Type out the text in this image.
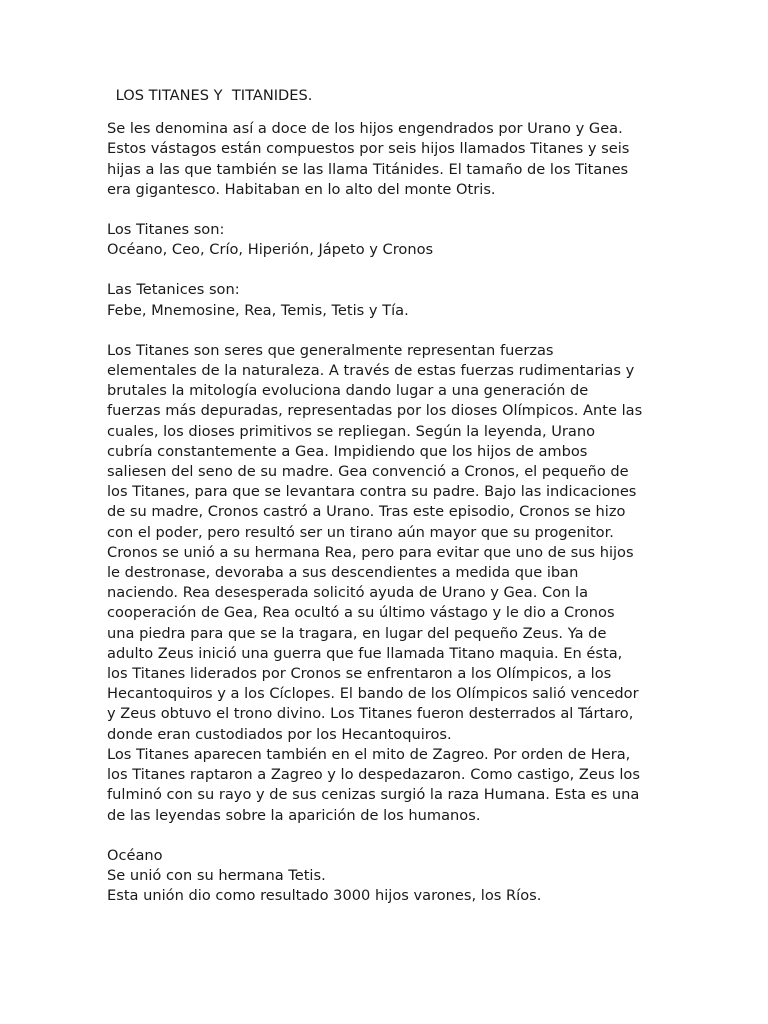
LOS TITANES Y  TITANIDES.
Se les denomina así a doce de los hijos engendrados por Urano y Gea.
Estos vástagos están compuestos por seis hijos llamados Titanes y seis
hijas a las que también se las llama Titánides. El tamaño de los Titanes
era gigantesco. Habitaban en lo alto del monte Otris.
Los Titanes son:
Océano, Ceo, Crío, Hiperión, Jápeto y Cronos
Las Tetanices son:
Febe, Mnemosine, Rea, Temis, Tetis y Tía.
Los Titanes son seres que generalmente representan fuerzas
elementales de la naturaleza. A través de estas fuerzas rudimentarias y
brutales la mitología evoluciona dando lugar a una generación de
fuerzas más depuradas, representadas por los dioses Olímpicos. Ante las
cuales, los dioses primitivos se repliegan. Según la leyenda, Urano
cubría constantemente a Gea. Impidiendo que los hijos de ambos
saliesen del seno de su madre. Gea convenció a Cronos, el pequeño de
los Titanes, para que se levantara contra su padre. Bajo las indicaciones
de su madre, Cronos castró a Urano. Tras este episodio, Cronos se hizo
con el poder, pero resultó ser un tirano aún mayor que su progenitor.
Cronos se unió a su hermana Rea, pero para evitar que uno de sus hijos
le destronase, devoraba a sus descendientes a medida que iban
naciendo. Rea desesperada solicitó ayuda de Urano y Gea. Con la
cooperación de Gea, Rea ocultó a su último vástago y le dio a Cronos
una piedra para que se la tragara, en lugar del pequeño Zeus. Ya de
adulto Zeus inició una guerra que fue llamada Titano maquia. En ésta,
los Titanes liderados por Cronos se enfrentaron a los Olímpicos, a los
Hecantoquiros y a los Cíclopes. El bando de los Olímpicos salió vencedor
y Zeus obtuvo el trono divino. Los Titanes fueron desterrados al Tártaro,
donde eran custodiados por los Hecantoquiros.
Los Titanes aparecen también en el mito de Zagreo. Por orden de Hera,
los Titanes raptaron a Zagreo y lo despedazaron. Como castigo, Zeus los
fulminó con su rayo y de sus cenizas surgió la raza Humana. Esta es una
de las leyendas sobre la aparición de los humanos.
Océano
Se unió con su hermana Tetis.
Esta unión dio como resultado 3000 hijos varones, los Ríos.
